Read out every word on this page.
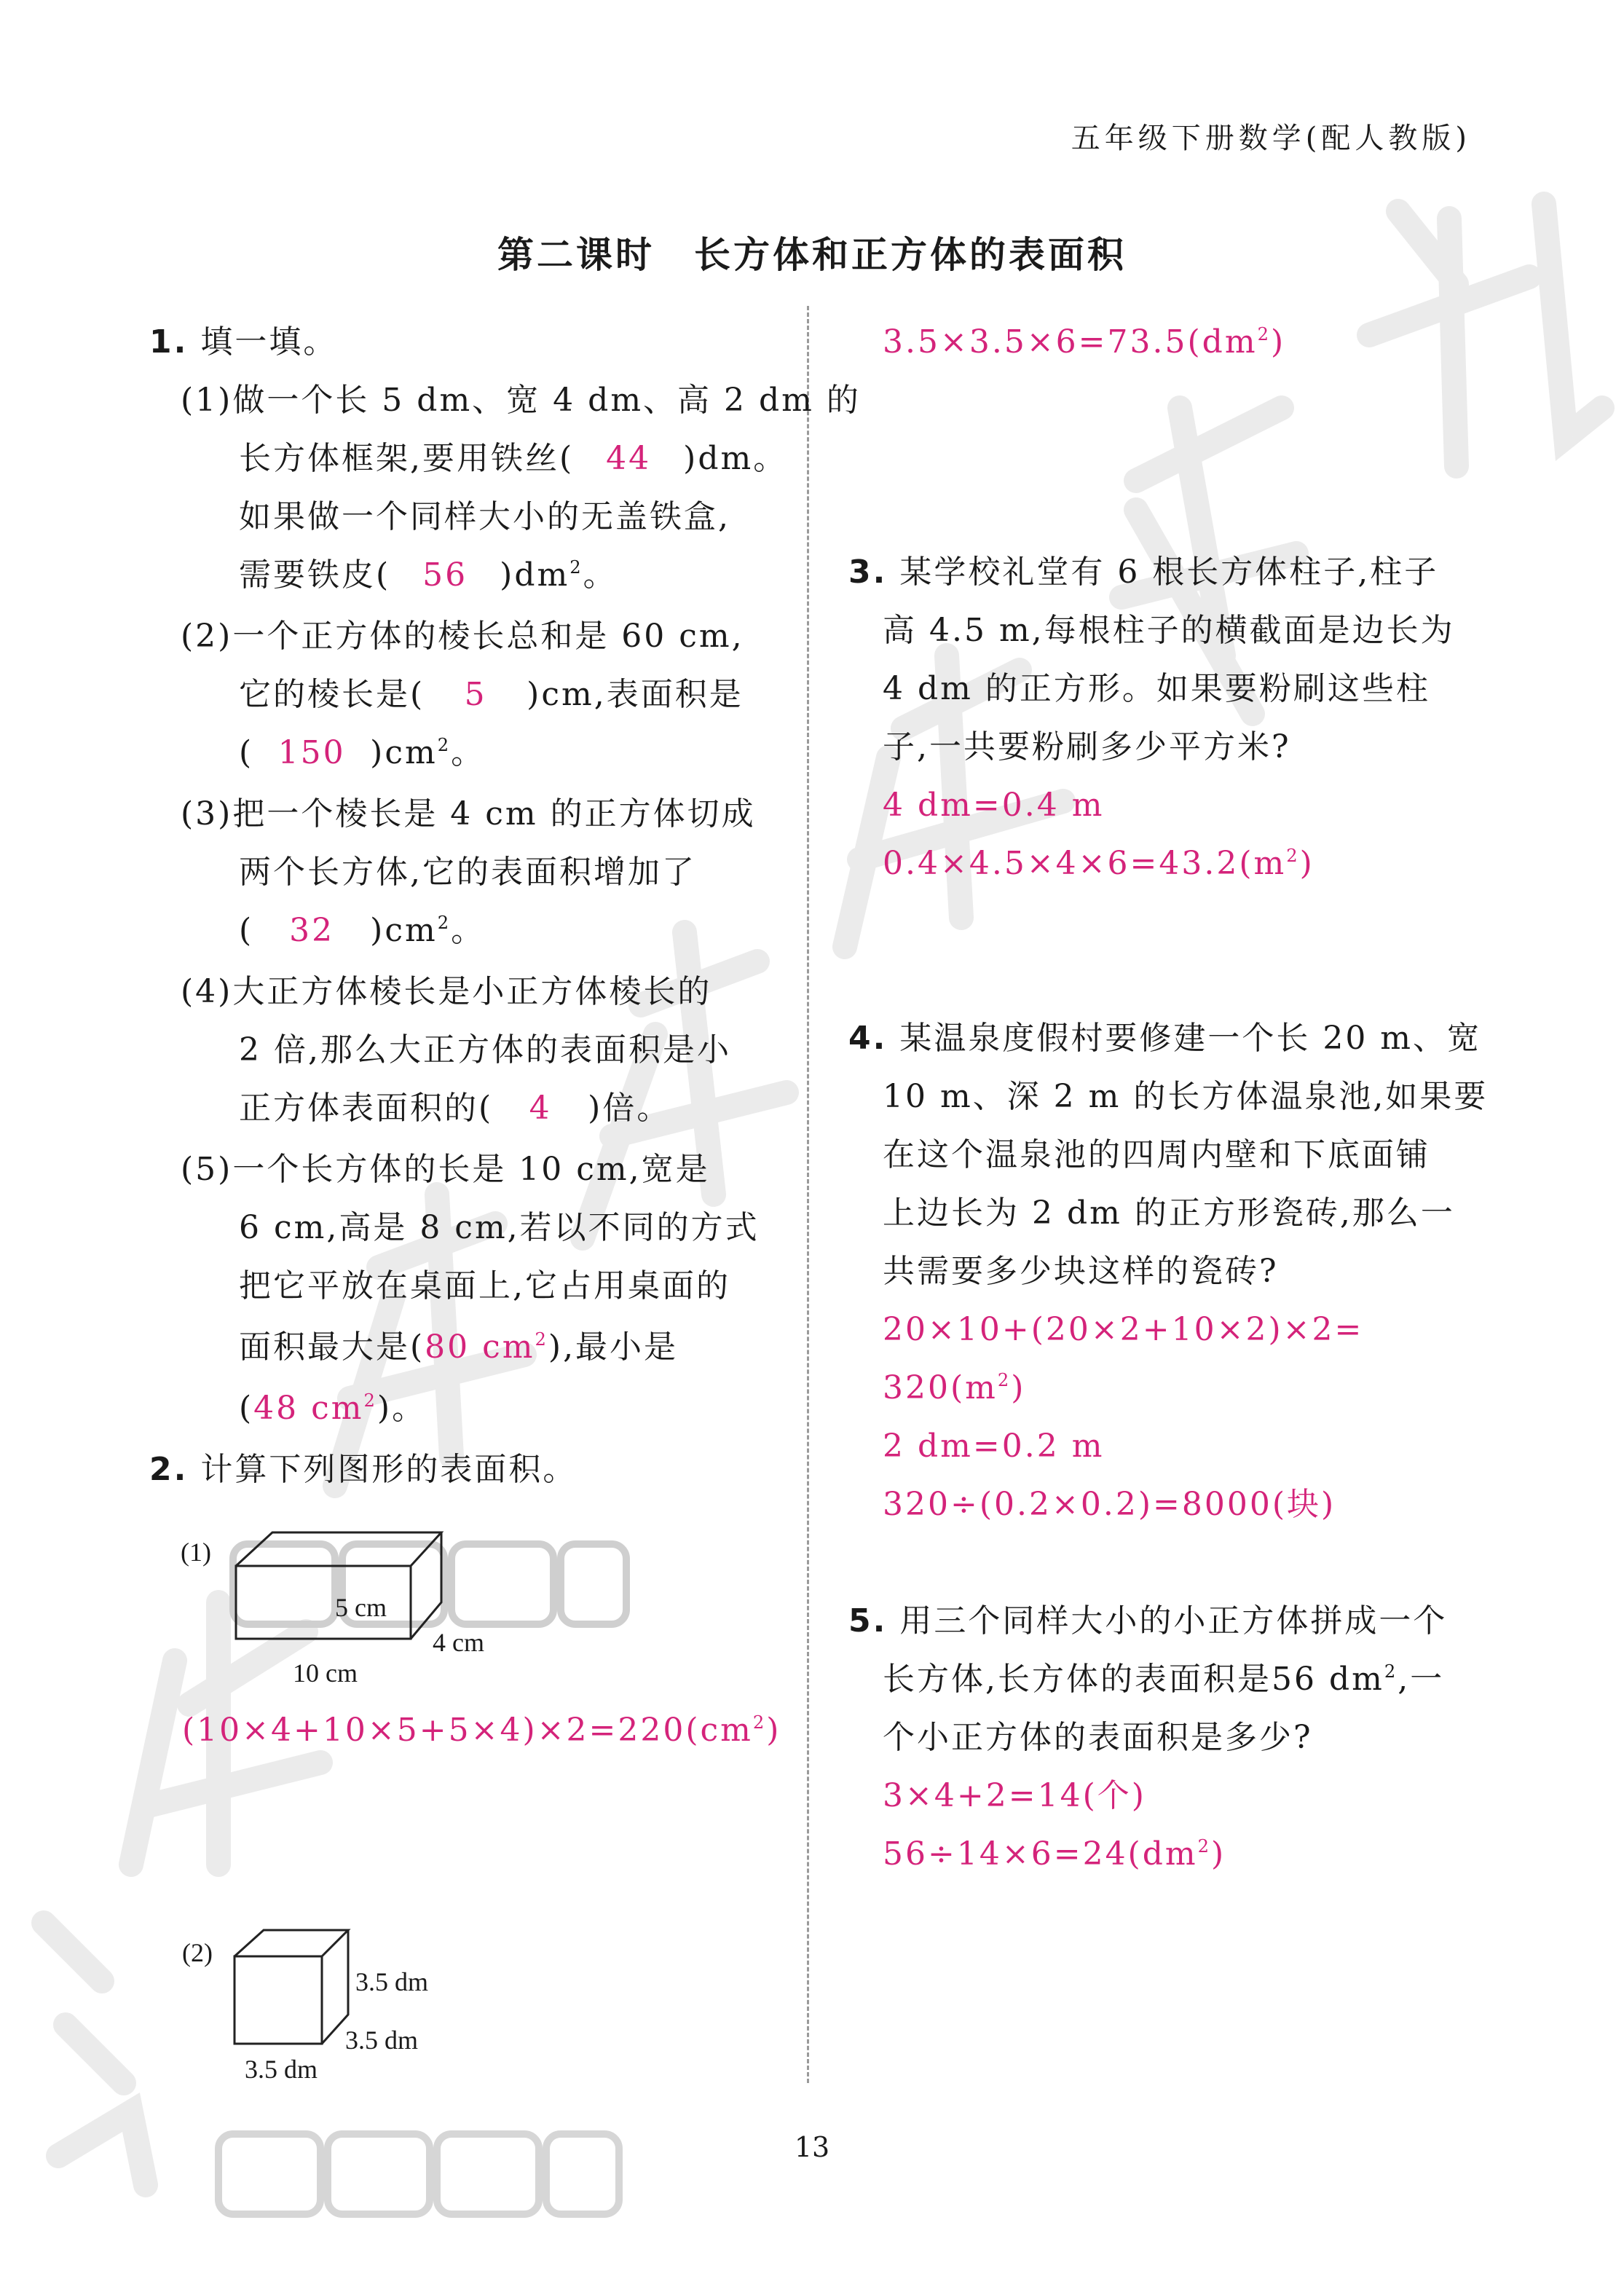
五年级下册数学(配人教版)
第二课时　长方体和正方体的表面积
1. 填一填。
(1)做一个长 5 dm、宽 4 dm、高 2 dm 的
长方体框架,要用铁丝( 44 )dm。
如果做一个同样大小的无盖铁盒,
需要铁皮( 56 )$dm^2$。
(2)一个正方体的棱长总和是 60 cm,
它的棱长是( 5 )cm,表面积是
( 150 )$cm^2$。
(3)把一个棱长是 4 cm 的正方体切成
两个长方体,它的表面积增加了
( 32 )$cm^2$。
(4)大正方体棱长是小正方体棱长的
2 倍,那么大正方体的表面积是小
正方体表面积的( 4 )倍。
(5)一个长方体的长是 10 cm,宽是
6 cm,高是 8 cm,若以不同的方式
把它平放在桌面上,它占用桌面的
面积最大是(80 $cm^2$),最小是
(48 $cm^2$)。
2. 计算下列图形的表面积。
(1)
5 cm
4 cm
10 cm
$(10\times 4+10\times 5+5\times 4)\times 2=220(cm^2)$
(2)
3.5 dm
3.5 dm
3.5 dm
$3.5\times 3.5\times 6=73.5(dm^2)$
3. 某学校礼堂有 6 根长方体柱子,柱子
高 4.5 m,每根柱子的横截面是边长为
4 dm 的正方形。如果要粉刷这些柱
子,一共要粉刷多少平方米?
4 dm=0.4 m
$0.4\times 4.5\times 4\times 6=43.2(m^2)$
4. 某温泉度假村要修建一个长 20 m、宽
10 m、深 2 m 的长方体温泉池,如果要
在这个温泉池的四周内壁和下底面铺
上边长为 2 dm 的正方形瓷砖,那么一
共需要多少块这样的瓷砖?
20×10+(20×2+10×2)×2=
$320(m^2)$
2 dm=0.2 m
320÷(0.2×0.2)=8000(块)
5. 用三个同样大小的小正方体拼成一个
长方体,长方体的表面积是56 $dm^2$,一
个小正方体的表面积是多少?
3×4+2=14(个)
$56\div 14\times 6=24(dm^2)$
13
